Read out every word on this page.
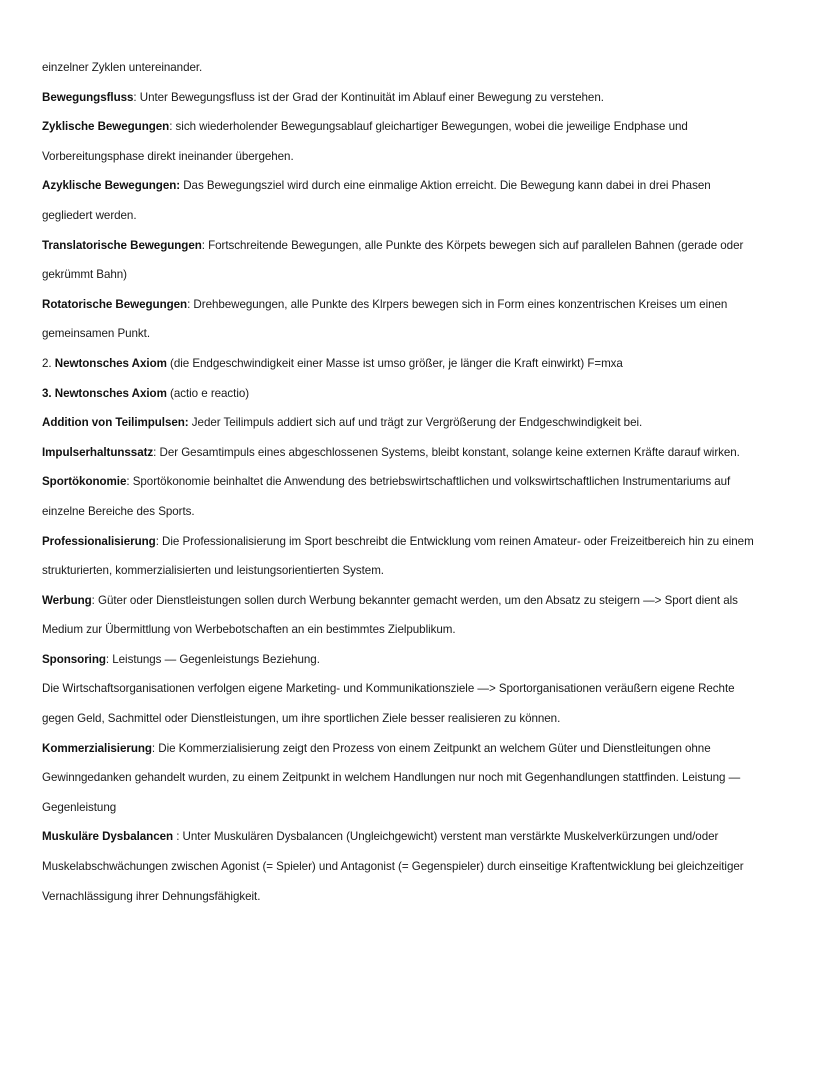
einzelner Zyklen untereinander.
Bewegungsfluss: Unter Bewegungsfluss ist der Grad der Kontinuität im Ablauf einer Bewegung zu verstehen.
Zyklische Bewegungen: sich wiederholender Bewegungsablauf gleichartiger Bewegungen, wobei die jeweilige Endphase und
Vorbereitungsphase direkt ineinander übergehen.
Azyklische Bewegungen: Das Bewegungsziel wird durch eine einmalige Aktion erreicht. Die Bewegung kann dabei in drei Phasen
gegliedert werden.
Translatorische Bewegungen: Fortschreitende Bewegungen, alle Punkte des Körpets bewegen sich auf parallelen Bahnen (gerade oder
gekrümmt Bahn)
Rotatorische Bewegungen: Drehbewegungen, alle Punkte des Klrpers bewegen sich in Form eines konzentrischen Kreises um einen
gemeinsamen Punkt.
2. Newtonsches Axiom (die Endgeschwindigkeit einer Masse ist umso größer, je länger die Kraft einwirkt) F=mxa
3. Newtonsches Axiom (actio e reactio)
Addition von Teilimpulsen: Jeder Teilimpuls addiert sich auf und trägt zur Vergrößerung der Endgeschwindigkeit bei.
Impulserhaltunssatz: Der Gesamtimpuls eines abgeschlossenen Systems, bleibt konstant, solange keine externen Kräfte darauf wirken.
Sportökonomie: Sportökonomie beinhaltet die Anwendung des betriebswirtschaftlichen und volkswirtschaftlichen Instrumentariums auf
einzelne Bereiche des Sports.
Professionalisierung: Die Professionalisierung im Sport beschreibt die Entwicklung vom reinen Amateur- oder Freizeitbereich hin zu einem
strukturierten, kommerzialisierten und leistungsorientierten System.
Werbung: Güter oder Dienstleistungen sollen durch Werbung bekannter gemacht werden, um den Absatz zu steigern —> Sport dient als
Medium zur Übermittlung von Werbebotschaften an ein bestimmtes Zielpublikum.
Sponsoring: Leistungs — Gegenleistungs Beziehung.
Die Wirtschaftsorganisationen verfolgen eigene Marketing- und Kommunikationsziele —> Sportorganisationen veräußern eigene Rechte
gegen Geld, Sachmittel oder Dienstleistungen, um ihre sportlichen Ziele besser realisieren zu können.
Kommerzialisierung: Die Kommerzialisierung zeigt den Prozess von einem Zeitpunkt an welchem Güter und Dienstleitungen ohne
Gewinngedanken gehandelt wurden, zu einem Zeitpunkt in welchem Handlungen nur noch mit Gegenhandlungen stattfinden. Leistung —
Gegenleistung
Muskuläre Dysbalancen : Unter Muskulären Dysbalancen (Ungleichgewicht) verstent man verstärkte Muskelverkürzungen und/oder
Muskelabschwächungen zwischen Agonist (= Spieler) und Antagonist (= Gegenspieler) durch einseitige Kraftentwicklung bei gleichzeitiger
Vernachlässigung ihrer Dehnungsfähigkeit.
